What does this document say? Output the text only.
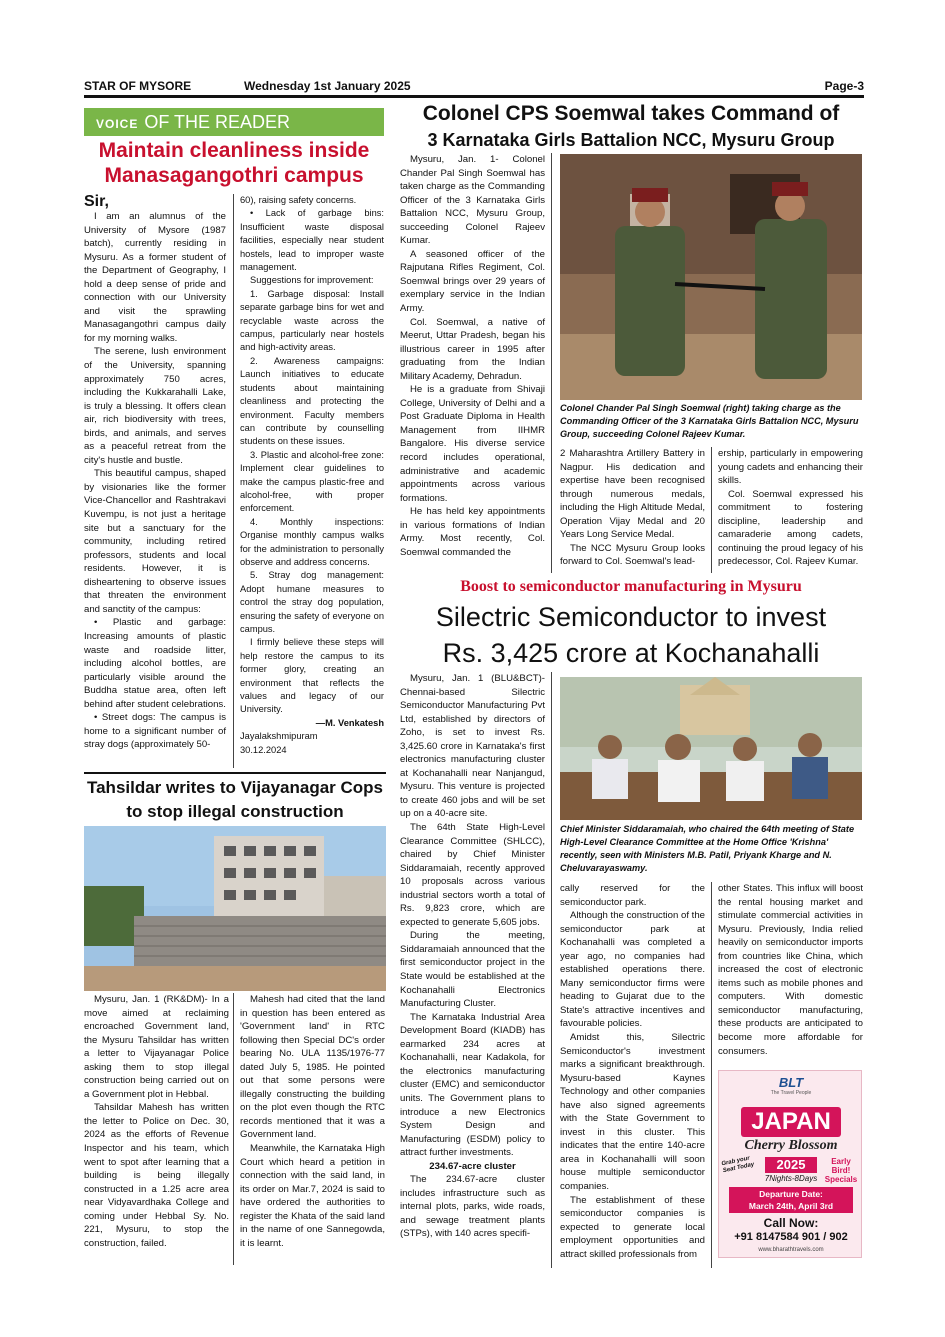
STAR OF MYSORE	Wednesday 1st January 2025	Page-3
VOICE OF THE READER
Maintain cleanliness inside
Manasagangothri campus
Sir,

I am an alumnus of the University of Mysore (1987 batch), currently residing in Mysuru. As a former student of the Department of Geography, I hold a deep sense of pride and connection with our University and visit the sprawling Manasagangothri campus daily for my morning walks.

The serene, lush environment of the University, spanning approximately 750 acres, including the Kukkarahalli Lake, is truly a blessing. It offers clean air, rich biodiversity with trees, birds, and animals, and serves as a peaceful retreat from the city's hustle and bustle.

This beautiful campus, shaped by visionaries like the former Vice-Chancellor and Rashtrakavi Kuvempu, is not just a heritage site but a sanctuary for the community, including retired professors, students and local residents. However, it is disheartening to observe issues that threaten the environment and sanctity of the campus:

• Plastic and garbage: Increasing amounts of plastic waste and roadside litter, including alcohol bottles, are particularly visible around the Buddha statue area, often left behind after student celebrations.

• Street dogs: The campus is home to a significant number of stray dogs (approximately 50-

60), raising safety concerns.

• Lack of garbage bins: Insufficient waste disposal facilities, especially near student hostels, lead to improper waste management.

Suggestions for improvement:

1. Garbage disposal: Install separate garbage bins for wet and recyclable waste across the campus, particularly near hostels and high-activity areas.

2. Awareness campaigns: Launch initiatives to educate students about maintaining cleanliness and protecting the environment. Faculty members can contribute by counselling students on these issues.

3. Plastic and alcohol-free zone: Implement clear guidelines to make the campus plastic-free and alcohol-free, with proper enforcement.

4. Monthly inspections: Organise monthly campus walks for the administration to personally observe and address concerns.

5. Stray dog management: Adopt humane measures to control the stray dog population, ensuring the safety of everyone on campus.

I firmly believe these steps will help restore the campus to its former glory, creating an environment that reflects the values and legacy of our University.

—M. Venkatesh

Jayalakshmipuram

30.12.2024

Tahsildar writes to Vijayanagar Cops
to stop illegal construction

Mysuru, Jan. 1 (RK&DM)- In a move aimed at reclaiming encroached Government land, the Mysuru Tahsildar has written a letter to Vijayanagar Police asking them to stop illegal construction being carried out on a Government plot in Hebbal.

Tahsildar Mahesh has written the letter to Police on Dec. 30, 2024 as the efforts of Revenue Inspector and his team, which went to spot after learning that a building is being illegally constructed in a 1.25 acre area near Vidyavardhaka College and coming under Hebbal Sy. No. 221, Mysuru, to stop the construction, failed.

Mahesh had cited that the land in question has been entered as 'Government land' in RTC following then Special DC's order bearing No. ULA 1135/1976-77 dated July 5, 1985. He pointed out that some persons were illegally constructing the building on the plot even though the RTC records mentioned that it was a Government land.

Meanwhile, the Karnataka High Court which heard a petition in connection with the said land, in its order on Mar.7, 2024 is said to have ordered the authorities to register the Khata of the said land in the name of one Sannegowda, it is learnt.

Colonel CPS Soemwal takes Command of
3 Karnataka Girls Battalion NCC, Mysuru Group

Mysuru, Jan. 1- Colonel Chander Pal Singh Soemwal has taken charge as the Commanding Officer of the 3 Karnataka Girls Battalion NCC, Mysuru Group, succeeding Colonel Rajeev Kumar.

A seasoned officer of the Rajputana Rifles Regiment, Col. Soemwal brings over 29 years of exemplary service in the Indian Army.

Col. Soemwal, a native of Meerut, Uttar Pradesh, began his illustrious career in 1995 after graduating from the Indian Military Academy, Dehradun.

He is a graduate from Shivaji College, University of Delhi and a Post Graduate Diploma in Health Management from IIHMR Bangalore. His diverse service record includes operational, administrative and academic appointments across various formations.

He has held key appointments in various formations of Indian Army. Most recently, Col. Soemwal commanded the

Colonel Chander Pal Singh Soemwal (right) taking charge as the Commanding Officer of the 3 Karnataka Girls Battalion NCC, Mysuru Group, succeeding Colonel Rajeev Kumar.

2 Maharashtra Artillery Battery in Nagpur. His dedication and expertise have been recognised through numerous medals, including the High Altitude Medal, Operation Vijay Medal and 20 Years Long Service Medal.

The NCC Mysuru Group looks forward to Col. Soemwal's lead-

ership, particularly in empowering young cadets and enhancing their skills.

Col. Soemwal expressed his commitment to fostering discipline, leadership and camaraderie among cadets, continuing the proud legacy of his predecessor, Col. Rajeev Kumar.

Boost to semiconductor manufacturing in Mysuru
Silectric Semiconductor to invest
Rs. 3,425 crore at Kochanahalli

Mysuru, Jan. 1 (BLU&BCT)- Chennai-based Silectric Semiconductor Manufacturing Pvt Ltd, established by directors of Zoho, is set to invest Rs. 3,425.60 crore in Karnataka's first electronics manufacturing cluster at Kochanahalli near Nanjangud, Mysuru. This venture is projected to create 460 jobs and will be set up on a 40-acre site.

The 64th State High-Level Clearance Committee (SHLCC), chaired by Chief Minister Siddaramaiah, recently approved 10 proposals across various industrial sectors worth a total of Rs. 9,823 crore, which are expected to generate 5,605 jobs.

During the meeting, Siddaramaiah announced that the first semiconductor project in the State would be established at the Kochanahalli Electronics Manufacturing Cluster.

The Karnataka Industrial Area Development Board (KIADB) has earmarked 234 acres at Kochanahalli, near Kadakola, for the electronics manufacturing cluster (EMC) and semiconductor units. The Government plans to introduce a new Electronics System Design and Manufacturing (ESDM) policy to attract further investments.

234.67-acre cluster

The 234.67-acre cluster includes infrastructure such as internal plots, parks, wide roads, and sewage treatment plants (STPs), with 140 acres specifi-

Chief Minister Siddaramaiah, who chaired the 64th meeting of State High-Level Clearance Committee at the Home Office 'Krishna' recently, seen with Ministers M.B. Patil, Priyank Kharge and N. Cheluvarayaswamy.

cally reserved for the semiconductor park.

Although the construction of the semiconductor park at Kochanahalli was completed a year ago, no companies had established operations there. Many semiconductor firms were heading to Gujarat due to the State's attractive incentives and favourable policies.

Amidst this, Silectric Semiconductor's investment marks a significant breakthrough. Mysuru-based Kaynes Technology and other companies have also signed agreements with the State Government to invest in this cluster. This indicates that the entire 140-acre area in Kochanahalli will soon house multiple semiconductor companies.

The establishment of these semiconductor companies is expected to generate local employment opportunities and attract skilled professionals from

other States. This influx will boost the rental housing market and stimulate commercial activities in Mysuru. Previously, India relied heavily on semiconductor imports from countries like China, which increased the cost of electronic items such as mobile phones and computers. With domestic semiconductor manufacturing, these products are anticipated to become more affordable for consumers.

BLT
The Travel People
JAPAN
Cherry Blossom
2025
7Nights-8Days
Grab your Seat Today
Early Bird! Specials
Departure Date:
March 24th, April 3rd
Call Now:
+91 8147584 901 / 902
www.bharathtravels.com
